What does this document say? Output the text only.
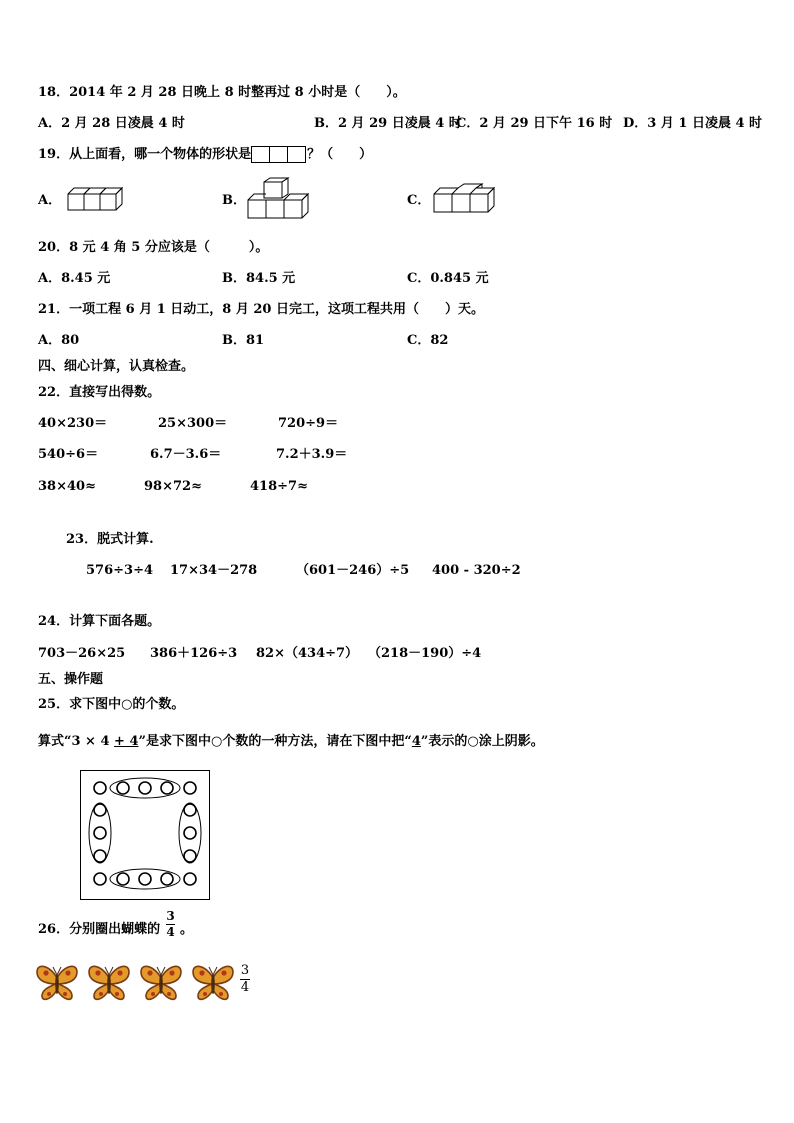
18．2014 年 2 月 28 日晚上 8 时整再过 8 小时是（　　）。
A．2 月 28 日凌晨 4 时	B．2 月 29 日凌晨 4 时
C．2 月 29 日下午 16 时 D．3 月 1 日凌晨 4 时
19．从上面看，哪一个物体的形状是	？（　　）
A．	B．	C．
20．8 元 4 角 5 分应该是（　　　）。
A．8.45 元	B．84.5 元	C．0.845 元
21．一项工程 6 月 1 日动工，8 月 20 日完工，这项工程共用（　　）天。
A．80	B．81	C．82
四、细心计算，认真检查。
22．直接写出得数。
40×230＝	25×300＝	720÷9＝
540÷6＝	6.7－3.6＝	7.2＋3.9＝
38×40≈	98×72≈	418÷7≈
23．脱式计算.
576÷3÷4 17×34－278	（601－246）÷5 400 - 320÷2
24．计算下面各题。
703－26×25 386＋126÷3 82×（434÷7） （218－190）÷4
五、操作题
25．求下图中○的个数。
算式“3 × 4 + 4”是求下图中○个数的一种方法，请在下图中把“4”表示的○涂上阴影。
26．分别圈出蝴蝶的
3
4 。
3
4
